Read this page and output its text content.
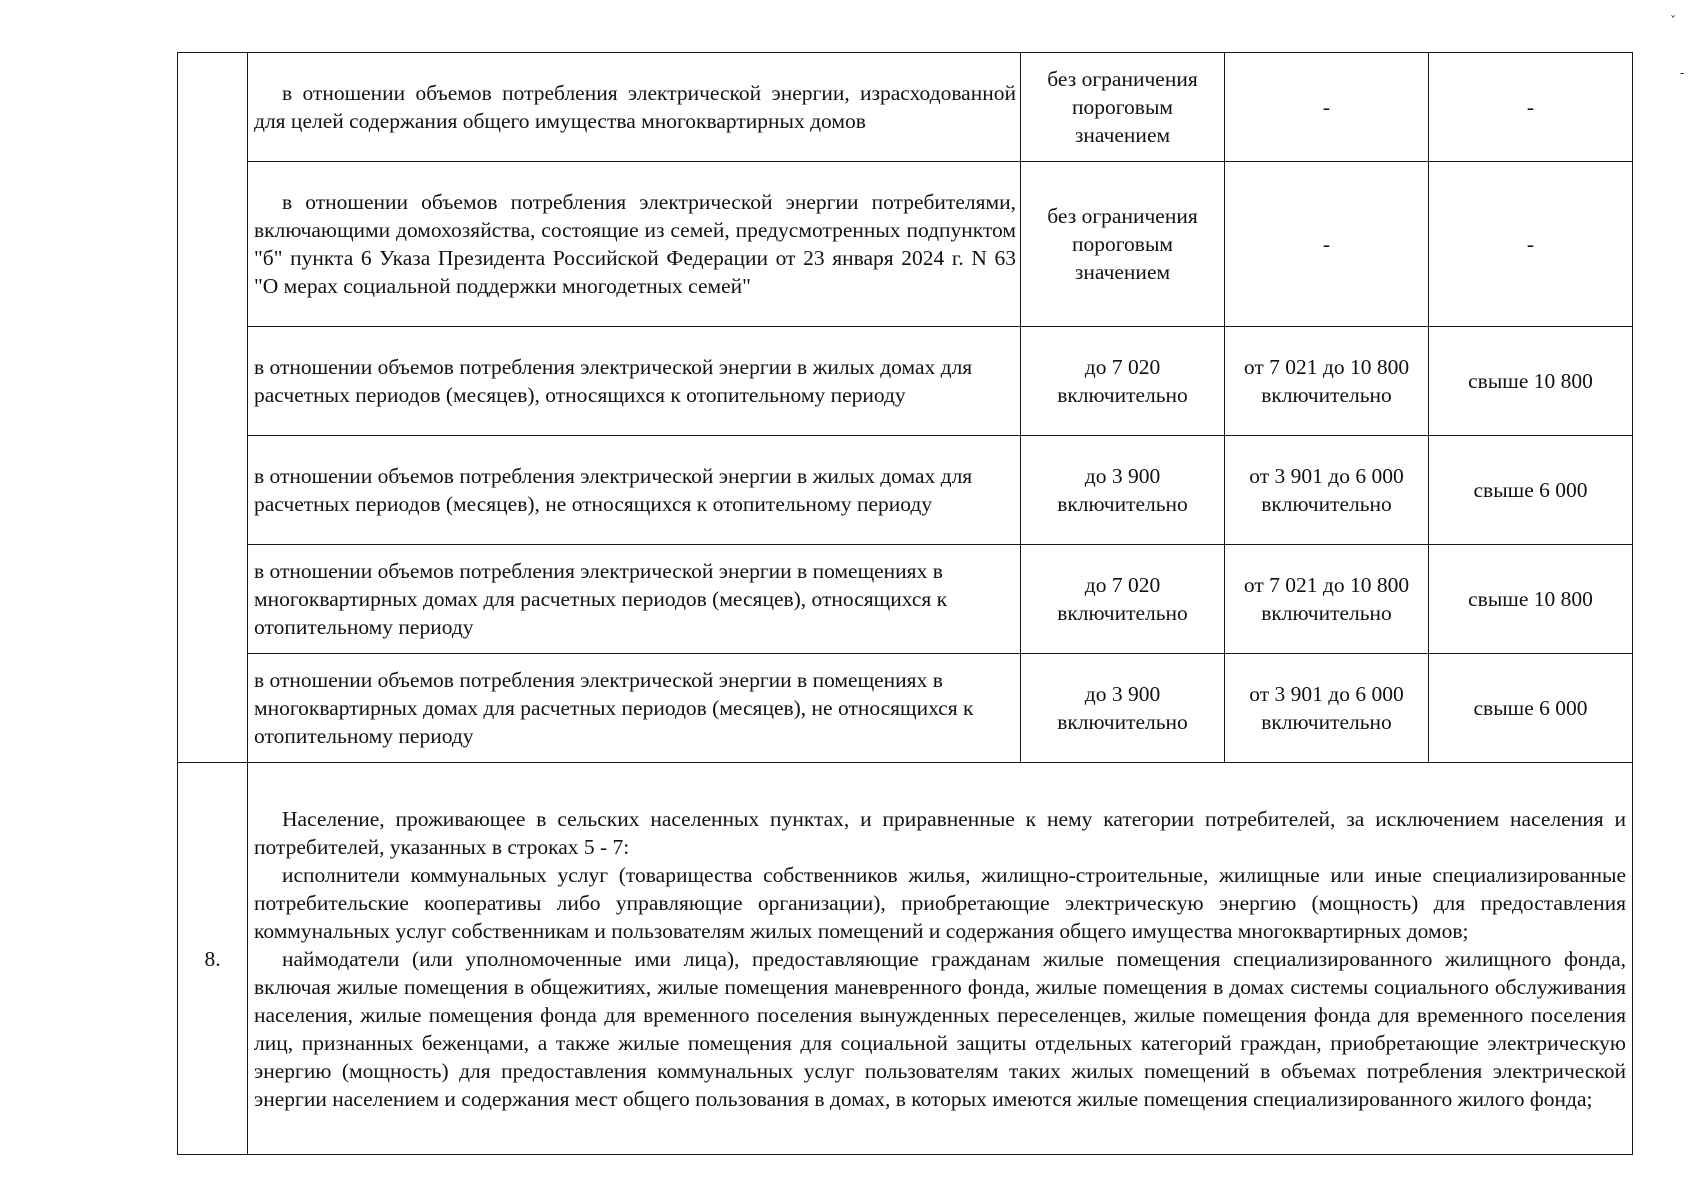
ˇ
-

	в отношении объемов потребления электрической энергии, израсходованной для целей содержания общего имущества многоквартирных домов	без ограничения пороговым значением	-	-

	в отношении объемов потребления электрической энергии потребителями, включающими домохозяйства, состоящие из семей, предусмотренных подпунктом "б" пункта 6 Указа Президента Российской Федерации от 23 января 2024 г. N 63 "О мерах социальной поддержки многодетных семей"	без ограничения пороговым значением	-	-
	в отношении объемов потребления электрической энергии в жилых домах для расчетных периодов (месяцев), относящихся к отопительному периоду	до 7 020 включительно	от 7 021 до 10 800 включительно	свыше 10 800
	в отношении объемов потребления электрической энергии в жилых домах для расчетных периодов (месяцев), не относящихся к отопительному периоду	до 3 900 включительно	от 3 901 до 6 000 включительно	свыше 6 000
	в отношении объемов потребления электрической энергии в помещениях в многоквартирных домах для расчетных периодов (месяцев), относящихся к отопительному периоду	до 7 020 включительно	от 7 021 до 10 800 включительно	свыше 10 800
	в отношении объемов потребления электрической энергии в помещениях в многоквартирных домах для расчетных периодов (месяцев), не относящихся к отопительному периоду	до 3 900 включительно	от 3 901 до 6 000 включительно	свыше 6 000
8.	Население, проживающее в сельских населенных пунктах, и приравненные к нему категории потребителей, за исключением населения и потребителей, указанных в строках 5 - 7:

исполнители коммунальных услуг (товарищества собственников жилья, жилищно-строительные, жилищные или иные специализированные потребительские кооперативы либо управляющие организации), приобретающие электрическую энергию (мощность) для предоставления коммунальных услуг собственникам и пользователям жилых помещений и содержания общего имущества многоквартирных домов;

наймодатели (или уполномоченные ими лица), предоставляющие гражданам жилые помещения специализированного жилищного фонда, включая жилые помещения в общежитиях, жилые помещения маневренного фонда, жилые помещения в домах системы социального обслуживания населения, жилые помещения фонда для временного поселения вынужденных переселенцев, жилые помещения фонда для временного поселения лиц, признанных беженцами, а также жилые помещения для социальной защиты отдельных категорий граждан, приобретающие электрическую энергию (мощность) для предоставления коммунальных услуг пользователям таких жилых помещений в объемах потребления электрической энергии населением и содержания мест общего пользования в домах, в которых имеются жилые помещения специализированного жилого фонда;			
